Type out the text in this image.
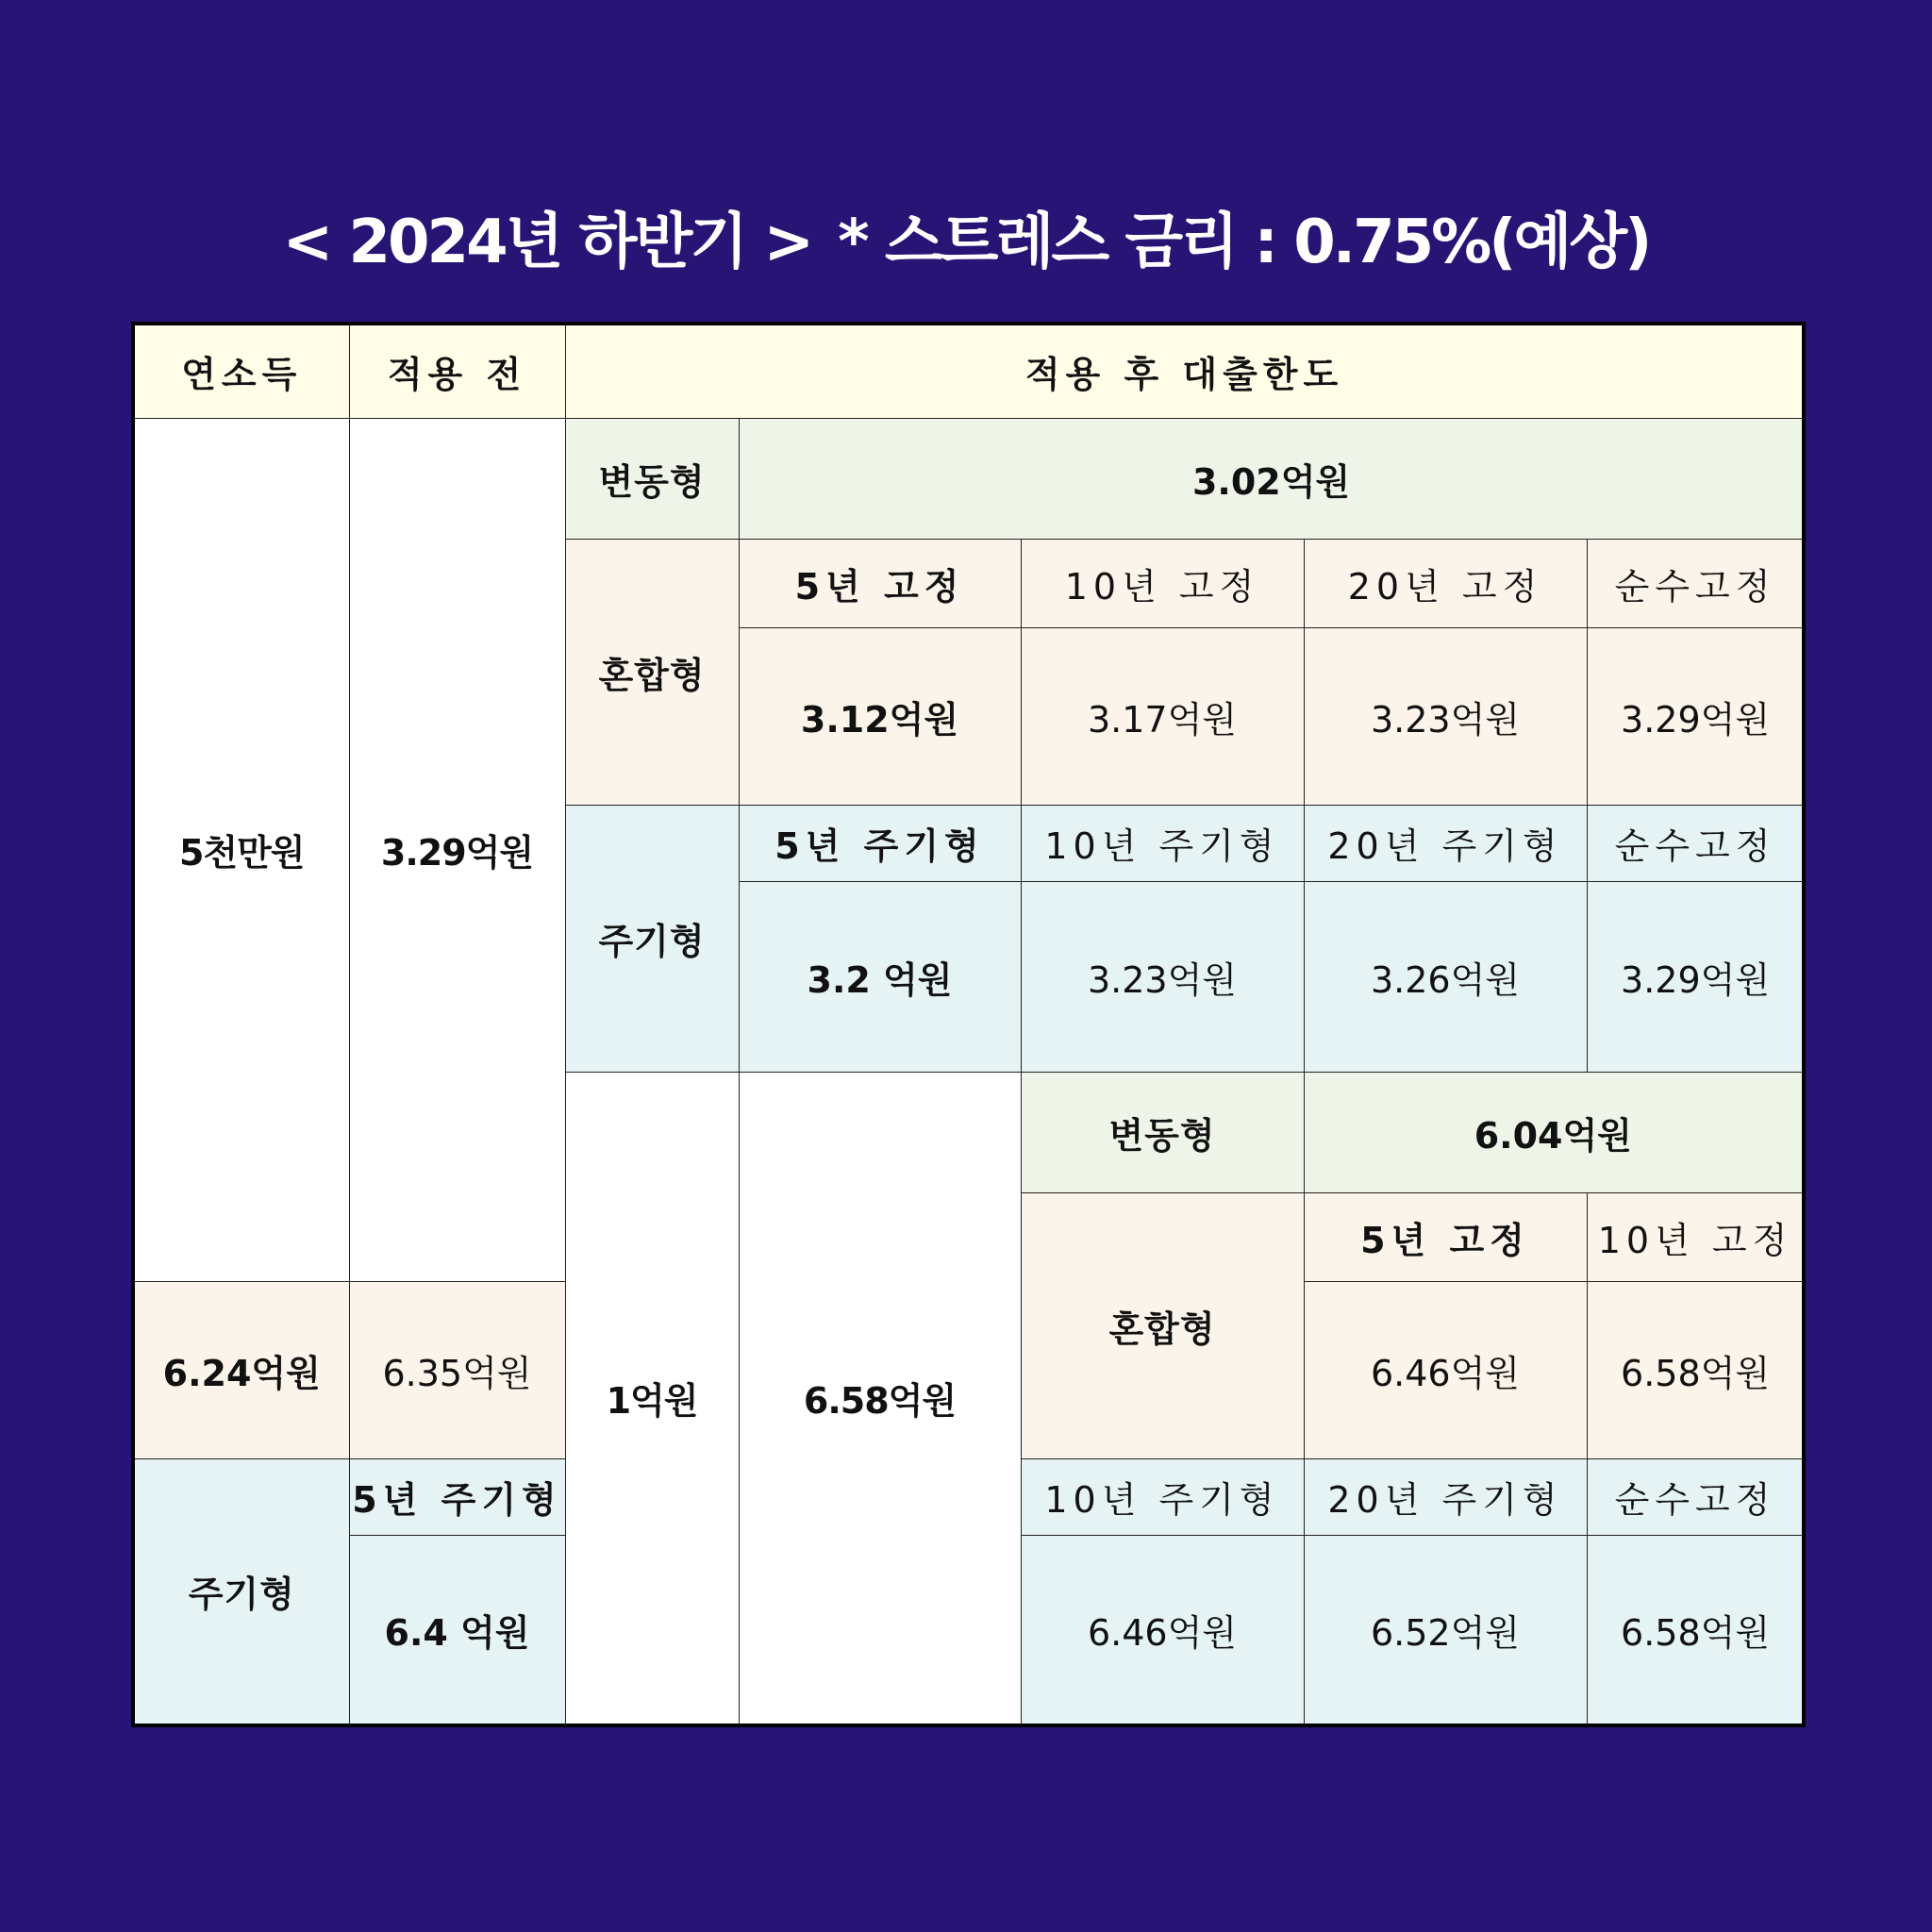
< 2024년 하반기 > * 스트레스 금리 : 0.75%(예상)
연소득	적용 전	적용 후 대출한도					
5천만원	3.29억원	변동형	3.02억원				
		혼합형	5년 고정	10년 고정	20년 고정	순수고정	
			3.12억원	3.17억원	3.23억원	3.29억원	
		주기형	5년 주기형	10년 주기형	20년 주기형	순수고정	
			3.2 억원	3.23억원	3.26억원	3.29억원	
		1억원	6.58억원	변동형	6.04억원		
				혼합형	5년 고정	10년 고정		
6.24억원	6.35억원				6.46억원	6.58억원	
주기형	5년 주기형			10년 주기형	20년 주기형	순수고정	
	6.4 억원			6.46억원	6.52억원	6.58억원	
